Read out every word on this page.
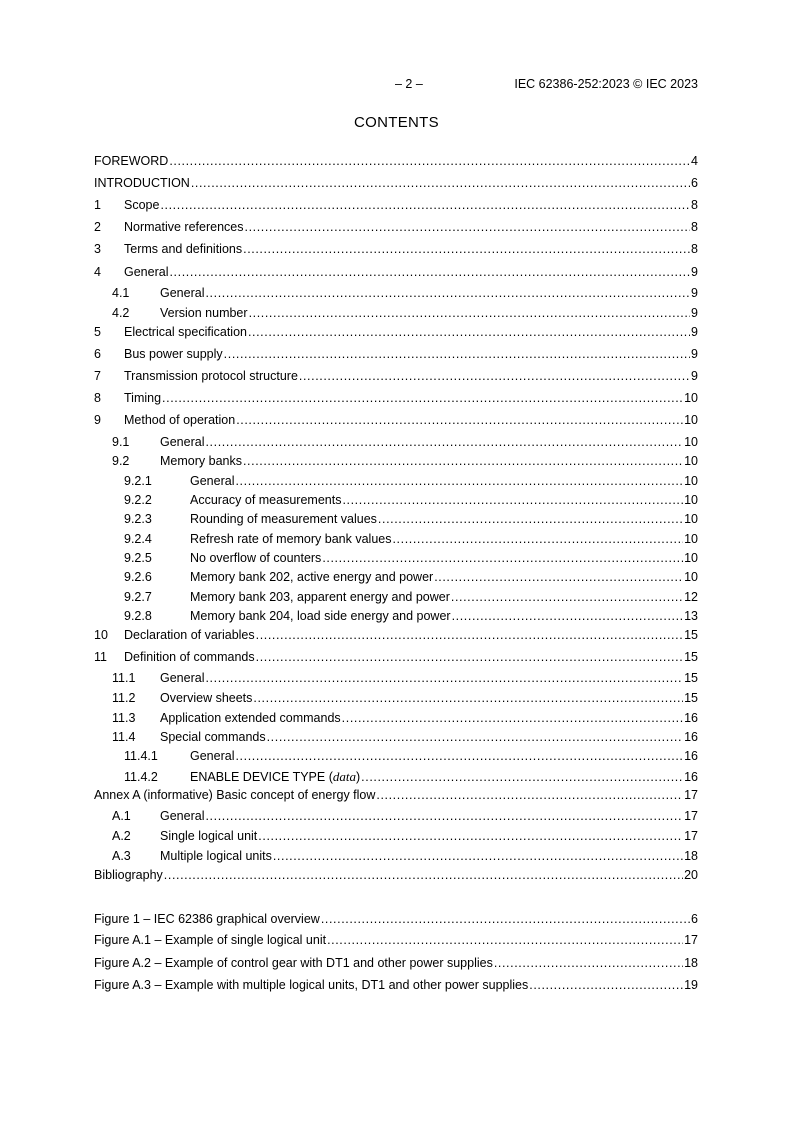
– 2 –	IEC 62386-252:2023 © IEC 2023
CONTENTS
FOREWORD .....	4
INTRODUCTION .....	6
1	Scope .....	8
2	Normative references .....	8
3	Terms and definitions .....	8
4	General .....	9
4.1	General .....	9
4.2	Version number .....	9
5	Electrical specification .....	9
6	Bus power supply .....	9
7	Transmission protocol structure .....	9
8	Timing .....	10
9	Method of operation .....	10
9.1	General .....	10
9.2	Memory banks .....	10
9.2.1	General .....	10
9.2.2	Accuracy of measurements .....	10
9.2.3	Rounding of measurement values .....	10
9.2.4	Refresh rate of memory bank values .....	10
9.2.5	No overflow of counters .....	10
9.2.6	Memory bank 202, active energy and power .....	10
9.2.7	Memory bank 203, apparent energy and power .....	12
9.2.8	Memory bank 204, load side energy and power .....	13
10	Declaration of variables .....	15
11	Definition of commands .....	15
11.1	General .....	15
11.2	Overview sheets .....	15
11.3	Application extended commands .....	16
11.4	Special commands .....	16
11.4.1	General .....	16
11.4.2	ENABLE DEVICE TYPE (data) .....	16
Annex A (informative) Basic concept of energy flow .....	17
A.1	General .....	17
A.2	Single logical unit .....	17
A.3	Multiple logical units .....	18
Bibliography .....	20
Figure 1 – IEC 62386 graphical overview .....	6
Figure A.1 – Example of single logical unit .....	17
Figure A.2 – Example of control gear with DT1 and other power supplies .....	18
Figure A.3 – Example with multiple logical units, DT1 and other power supplies .....	19
